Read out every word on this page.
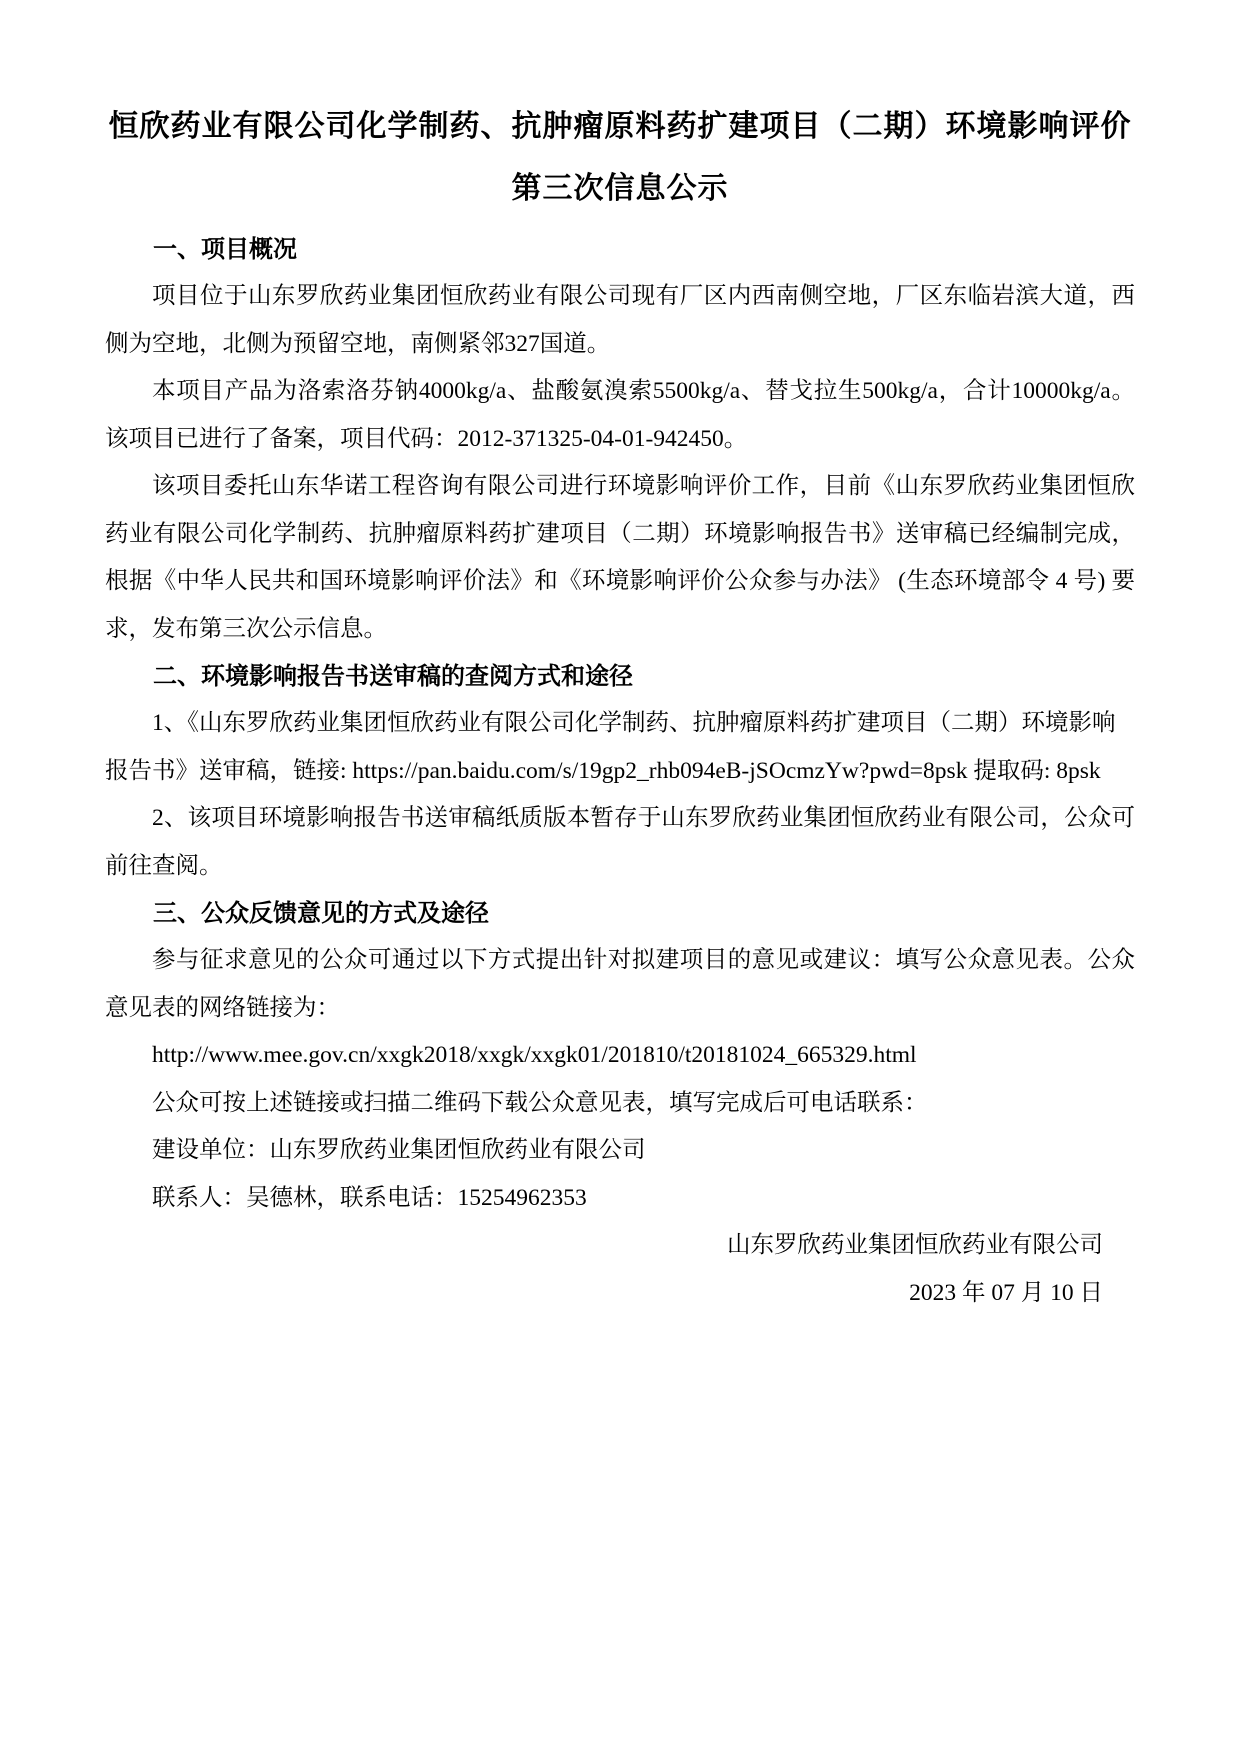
恒欣药业有限公司化学制药、抗肿瘤原料药扩建项目（二期）环境影响评价第三次信息公示
一、项目概况

项目位于山东罗欣药业集团恒欣药业有限公司现有厂区内西南侧空地，厂区东临岩滨大道，西侧为空地，北侧为预留空地，南侧紧邻327国道。

本项目产品为洛索洛芬钠4000kg/a、盐酸氨溴索5500kg/a、替戈拉生500kg/a，合计10000kg/a。该项目已进行了备案，项目代码：2012-371325-04-01-942450。

该项目委托山东华诺工程咨询有限公司进行环境影响评价工作，目前《山东罗欣药业集团恒欣药业有限公司化学制药、抗肿瘤原料药扩建项目（二期）环境影响报告书》送审稿已经编制完成，根据《中华人民共和国环境影响评价法》和《环境影响评价公众参与办法》 (生态环境部令 4 号) 要求，发布第三次公示信息。

二、环境影响报告书送审稿的查阅方式和途径

1、《山东罗欣药业集团恒欣药业有限公司化学制药、抗肿瘤原料药扩建项目（二期）环境影响报告书》送审稿，链接: https://pan.baidu.com/s/19gp2_rhb094eB-jSOcmzYw?pwd=8psk 提取码: 8psk

2、该项目环境影响报告书送审稿纸质版本暂存于山东罗欣药业集团恒欣药业有限公司，公众可前往查阅。

三、公众反馈意见的方式及途径

参与征求意见的公众可通过以下方式提出针对拟建项目的意见或建议：填写公众意见表。公众意见表的网络链接为：

http://www.mee.gov.cn/xxgk2018/xxgk/xxgk01/201810/t20181024_665329.html

公众可按上述链接或扫描二维码下载公众意见表，填写完成后可电话联系：

建设单位：山东罗欣药业集团恒欣药业有限公司

联系人：吴德林，联系电话：15254962353

山东罗欣药业集团恒欣药业有限公司

2023 年 07 月 10 日
